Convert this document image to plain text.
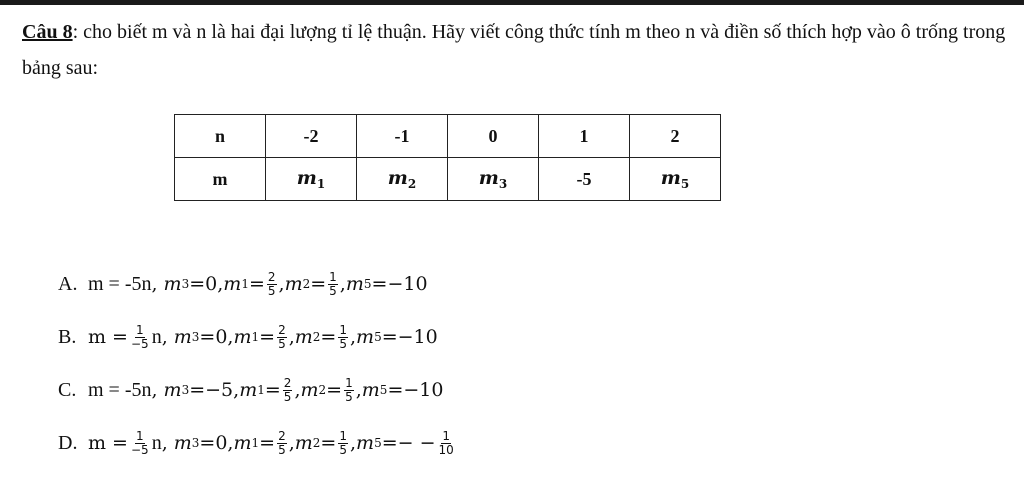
Câu 8: cho biết m và n là hai đại lượng tỉ lệ thuận. Hãy viết công thức tính m theo n và điền số thích hợp vào ô trống trong bảng sau:
n	-2	-1	0	1	2
m	$m_1$	$m_2$	$m_3$	-5	$m_5$
A. m = -5n , m 3 = 0 , m $1 = \frac{2}{5}$ , m $2 = \frac{1}{5}$ , m 5 = −10
B. $m = \frac{1}{-5}$ n , m 3 = 0 , m $1 = \frac{2}{5}$ , m $2 = \frac{1}{5}$ , m 5 = −10
C. m = -5n , m 3 = −5 , m $1 = \frac{2}{5}$ , m $2 = \frac{1}{5}$ , m 5 = −10
D. $m = \frac{1}{-5}$ n , m 3 = 0 , m $1 = \frac{2}{5}$ , m $2 = \frac{1}{5}$ , m 5 = − − $\frac{1}{10}$
